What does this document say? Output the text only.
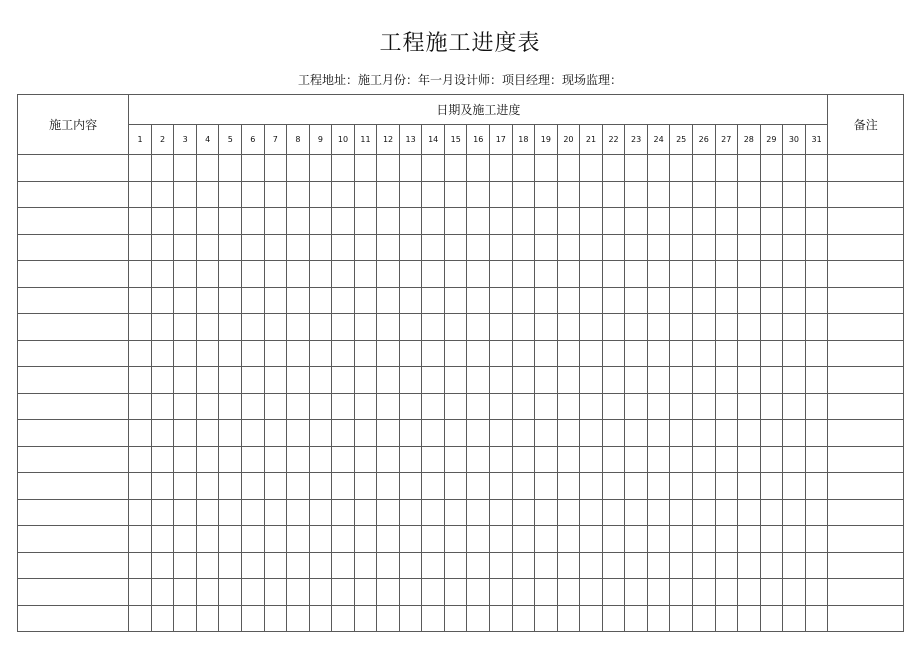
工程施工进度表
工程地址：施工月份：年一月设计师：项目经理：现场监理：
施工内容	日期及施工进度																															备注
	1	2	3	4	5	6	7	8	9	10	11	12	13	14	15	16	17	18	19	20	21	22	23	24	25	26	27	28	29	30	31	
